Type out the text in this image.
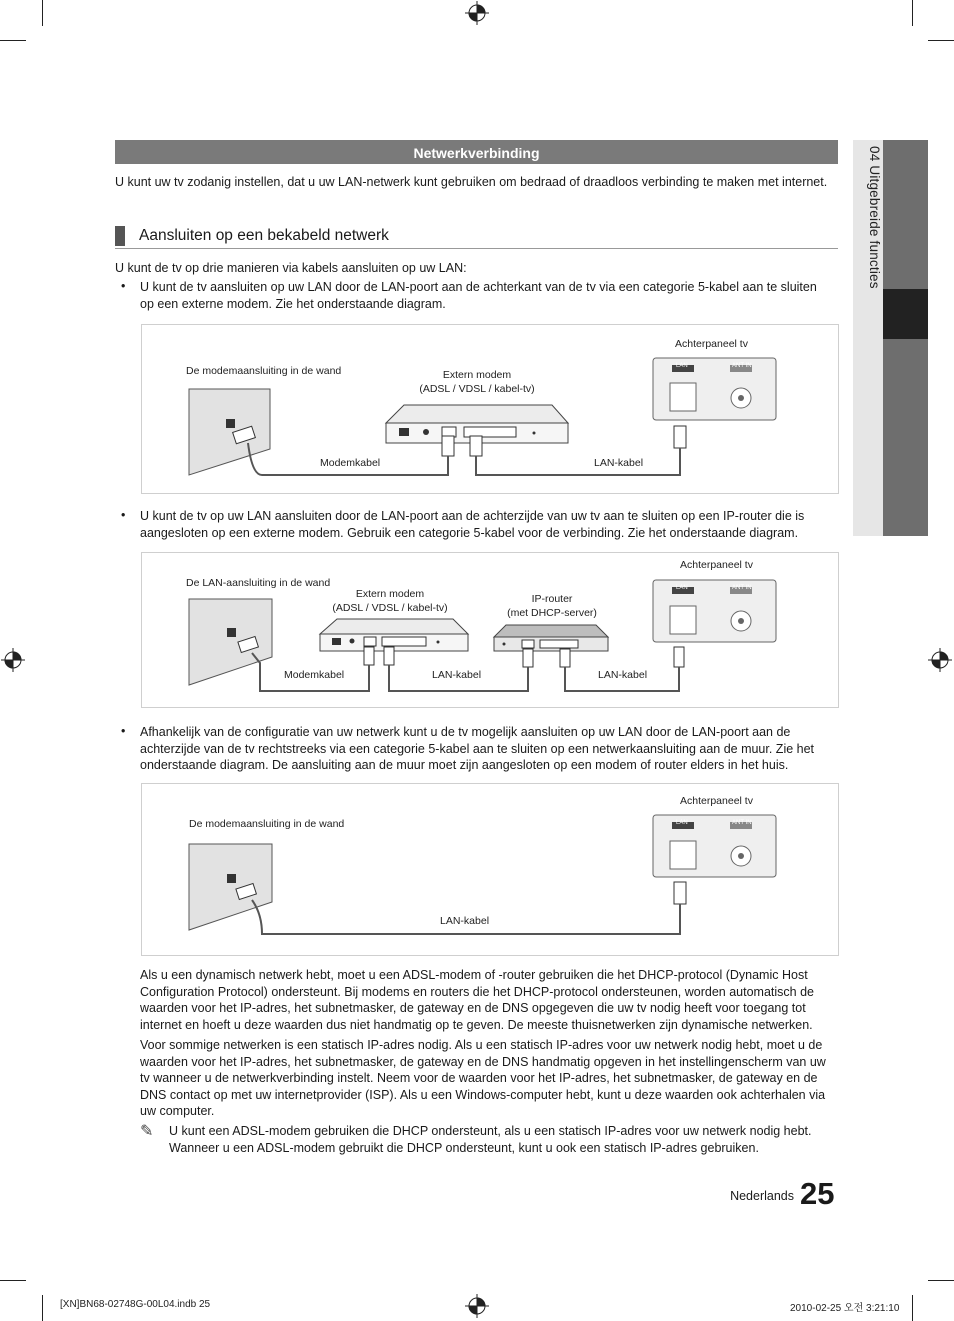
04 Uitgebreide functies
Netwerkverbinding
U kunt uw tv zodanig instellen, dat u uw LAN-netwerk kunt gebruiken om bedraad of draadloos verbinding te maken met internet.
Aansluiten op een bekabeld netwerk
U kunt de tv op drie manieren via kabels aansluiten op uw LAN:
• U kunt de tv aansluiten op uw LAN door de LAN-poort aan de achterkant van de tv via een categorie 5-kabel aan te sluiten op een externe modem. Zie het onderstaande diagram.
De modemaansluiting in de wand	Extern modem
(ADSL / VDSL / kabel-tv)
Achterpaneel tv
LAN	ANT IN
Modemkabel	LAN-kabel
• U kunt de tv op uw LAN aansluiten door de LAN-poort aan de achterzijde van uw tv aan te sluiten op een IP-router die is aangesloten op een externe modem. Gebruik een categorie 5-kabel voor de verbinding. Zie het onderstaande diagram.
De LAN-aansluiting in de wand
Extern modem
(ADSL / VDSL / kabel-tv)
IP-router
(met DHCP-server)
Achterpaneel tv
LAN	ANT IN
Modemkabel	LAN-kabel	LAN-kabel
• Afhankelijk van de configuratie van uw netwerk kunt u de tv mogelijk aansluiten op uw LAN door de LAN-poort aan de achterzijde van de tv rechtstreeks via een categorie 5-kabel aan te sluiten op een netwerkaansluiting aan de muur. Zie het onderstaande diagram. De aansluiting aan de muur moet zijn aangesloten op een modem of router elders in het huis.
De modemaansluiting in de wand
Achterpaneel tv
LAN	ANT IN
LAN-kabel
Als u een dynamisch netwerk hebt, moet u een ADSL-modem of -router gebruiken die het DHCP-protocol (Dynamic Host Configuration Protocol) ondersteunt. Bij modems en routers die het DHCP-protocol ondersteunen, worden automatisch de waarden voor het IP-adres, het subnetmasker, de gateway en de DNS opgegeven die uw tv nodig heeft voor toegang tot internet en hoeft u deze waarden dus niet handmatig op te geven. De meeste thuisnetwerken zijn dynamische netwerken.
Voor sommige netwerken is een statisch IP-adres nodig. Als u een statisch IP-adres voor uw netwerk nodig hebt, moet u de waarden voor het IP-adres, het subnetmasker, de gateway en de DNS handmatig opgeven in het instellingenscherm van uw tv wanneer u de netwerkverbinding instelt. Neem voor de waarden voor het IP-adres, het subnetmasker, de gateway en de DNS contact op met uw internetprovider (ISP). Als u een Windows-computer hebt, kunt u deze waarden ook achterhalen via uw computer.
✎ U kunt een ADSL-modem gebruiken die DHCP ondersteunt, als u een statisch IP-adres voor uw netwerk nodig hebt. Wanneer u een ADSL-modem gebruikt die DHCP ondersteunt, kunt u ook een statisch IP-adres gebruiken.
Nederlands 25
[XN]BN68-02748G-00L04.indb 25	2010-02-25 오전 3:21:10
